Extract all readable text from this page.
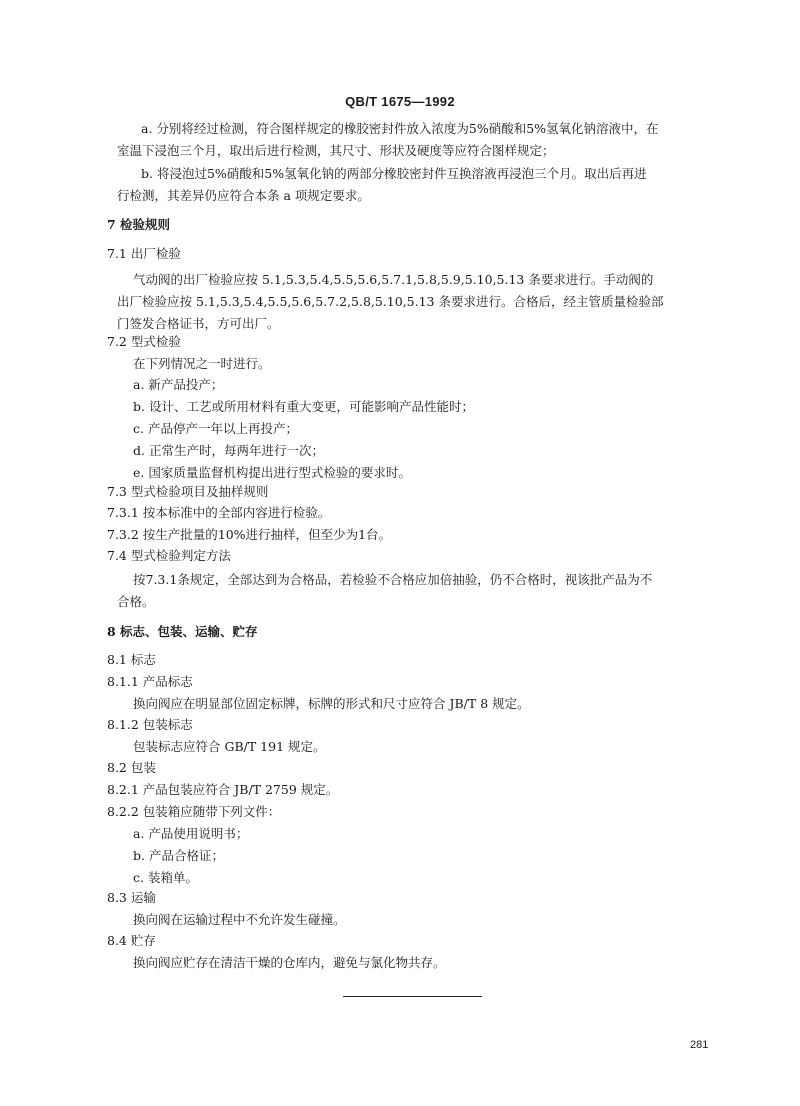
QB/T 1675—1992
a. 分别将经过检测，符合图样规定的橡胶密封件放入浓度为5%硝酸和5%氢氧化钠溶液中，在
室温下浸泡三个月，取出后进行检测，其尺寸、形状及硬度等应符合图样规定；
b. 将浸泡过5%硝酸和5%氢氧化钠的两部分橡胶密封件互换溶液再浸泡三个月。取出后再进
行检测，其差异仍应符合本条 a 项规定要求。
7 检验规则
7.1 出厂检验
气动阀的出厂检验应按 5.1,5.3,5.4,5.5,5.6,5.7.1,5.8,5.9,5.10,5.13 条要求进行。手动阀的
出厂检验应按 5.1,5.3,5.4,5.5,5.6,5.7.2,5.8,5.10,5.13 条要求进行。合格后，经主管质量检验部
门签发合格证书，方可出厂。
7.2 型式检验
在下列情况之一时进行。
a. 新产品投产；
b. 设计、工艺或所用材料有重大变更，可能影响产品性能时；
c. 产品停产一年以上再投产；
d. 正常生产时，每两年进行一次；
e. 国家质量监督机构提出进行型式检验的要求时。
7.3 型式检验项目及抽样规则
7.3.1 按本标准中的全部内容进行检验。
7.3.2 按生产批量的10%进行抽样，但至少为1台。
7.4 型式检验判定方法
按7.3.1条规定，全部达到为合格品，若检验不合格应加倍抽验，仍不合格时，视该批产品为不
合格。
8 标志、包装、运输、贮存
8.1 标志
8.1.1 产品标志
换向阀应在明显部位固定标牌，标牌的形式和尺寸应符合 JB/T 8 规定。
8.1.2 包装标志
包装标志应符合 GB/T 191 规定。
8.2 包装
8.2.1 产品包装应符合 JB/T 2759 规定。
8.2.2 包装箱应随带下列文件：
a. 产品使用说明书；
b. 产品合格证；
c. 装箱单。
8.3 运输
换向阀在运输过程中不允许发生碰撞。
8.4 贮存
换向阀应贮存在清洁干燥的仓库内，避免与氯化物共存。
281
